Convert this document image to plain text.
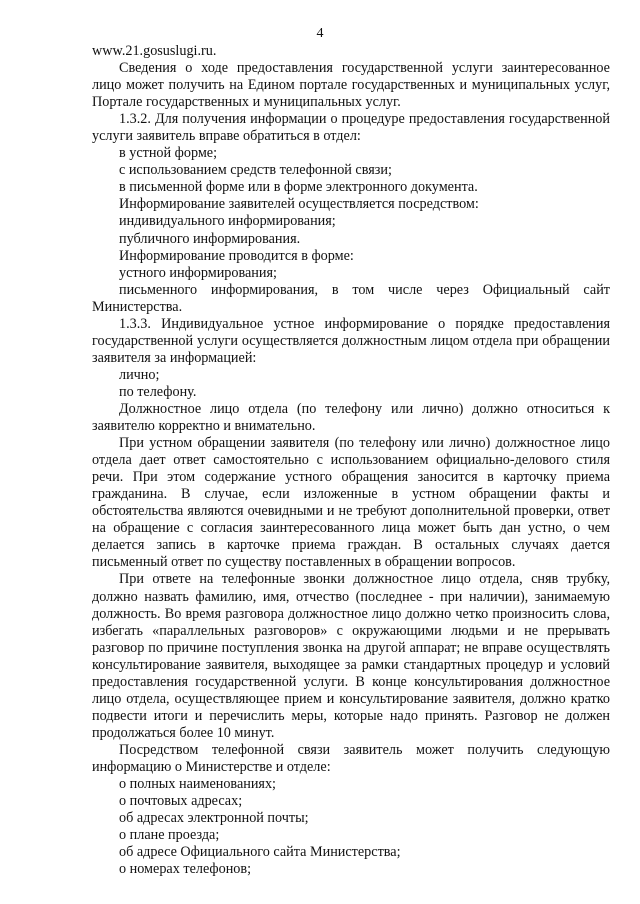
4

www.21.gosuslugi.ru.

Сведения о ходе предоставления государственной услуги заинтересованное лицо может получить на Едином портале государственных и муниципальных услуг, Портале государственных и муниципальных услуг.

1.3.2. Для получения информации о процедуре предоставления государственной услуги заявитель вправе обратиться в отдел:

в устной форме;

с использованием средств телефонной связи;

в письменной форме или в форме электронного документа.

Информирование заявителей осуществляется посредством:

индивидуального информирования;

публичного информирования.

Информирование проводится в форме:

устного информирования;

письменного информирования, в том числе через Официальный сайт Министерства.

1.3.3. Индивидуальное устное информирование о порядке предоставления государственной услуги осуществляется должностным лицом отдела при обращении заявителя за информацией:

лично;

по телефону.

Должностное лицо отдела (по телефону или лично) должно относиться к заявителю корректно и внимательно.

При устном обращении заявителя (по телефону или лично) должностное лицо отдела дает ответ самостоятельно с использованием официально-делового стиля речи. При этом содержание устного обращения заносится в карточку приема гражданина. В случае, если изложенные в устном обращении факты и обстоятельства являются очевидными и не требуют дополнительной проверки, ответ на обращение с согласия заинтересованного лица может быть дан устно, о чем делается запись в карточке приема граждан. В остальных случаях дается письменный ответ по существу поставленных в обращении вопросов.

При ответе на телефонные звонки должностное лицо отдела, сняв трубку, должно назвать фамилию, имя, отчество (последнее - при наличии), занимаемую должность. Во время разговора должностное лицо должно четко произносить слова, избегать «параллельных разговоров» с окружающими людьми и не прерывать разговор по причине поступления звонка на другой аппарат; не вправе осуществлять консультирование заявителя, выходящее за рамки стандартных процедур и условий предоставления государственной услуги. В конце консультирования должностное лицо отдела, осуществляющее прием и консультирование заявителя, должно кратко подвести итоги и перечислить меры, которые надо принять. Разговор не должен продолжаться более 10 минут.

Посредством телефонной связи заявитель может получить следующую информацию о Министерстве и отделе:

о полных наименованиях;

о почтовых адресах;

об адресах электронной почты;

о плане проезда;

об адресе Официального сайта Министерства;

о номерах телефонов;
